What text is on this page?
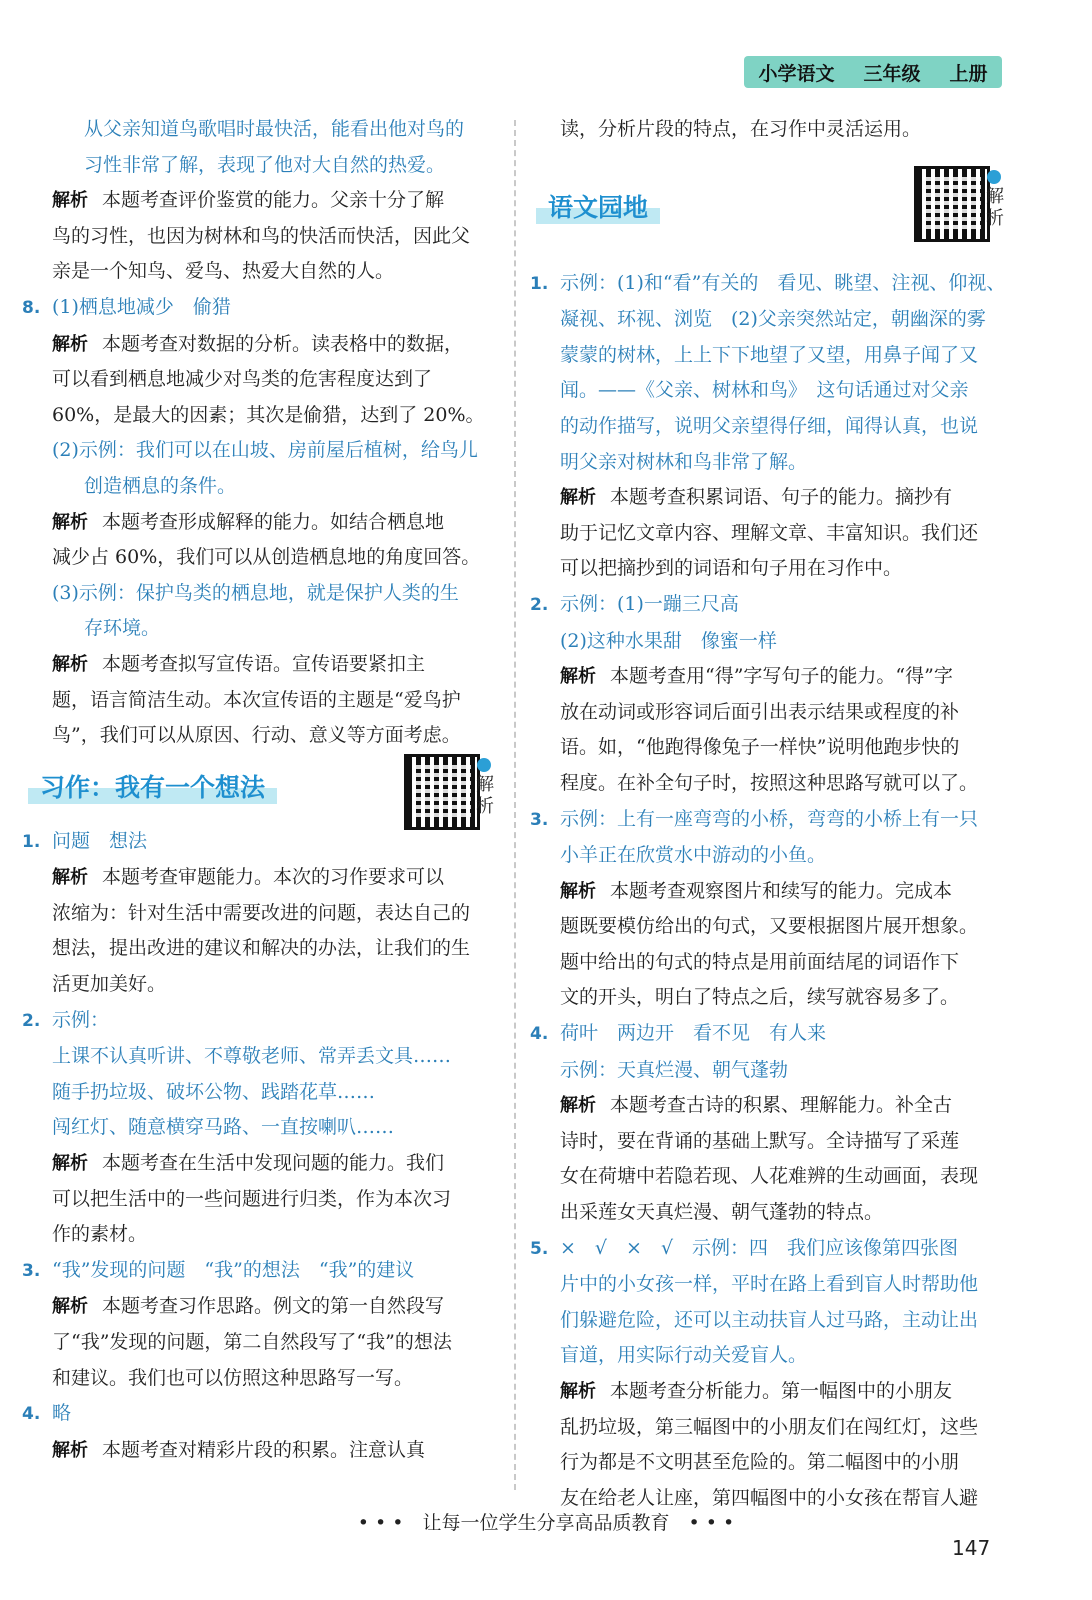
小学语文 三年级 上册
从父亲知道鸟歌唱时最快活，能看出他对鸟的
习性非常了解，表现了他对大自然的热爱。
解析 本题考查评价鉴赏的能力。父亲十分了解
鸟的习性，也因为树林和鸟的快活而快活，因此父
亲是一个知鸟、爱鸟、热爱大自然的人。
8. (1)栖息地减少　偷猎
解析 本题考查对数据的分析。读表格中的数据，
可以看到栖息地减少对鸟类的危害程度达到了
60%，是最大的因素；其次是偷猎，达到了 20%。
(2)示例：我们可以在山坡、房前屋后植树，给鸟儿
创造栖息的条件。
解析 本题考查形成解释的能力。如结合栖息地
减少占 60%，我们可以从创造栖息地的角度回答。
(3)示例：保护鸟类的栖息地，就是保护人类的生
存环境。
解析 本题考查拟写宣传语。宣传语要紧扣主
题，语言简洁生动。本次宣传语的主题是“爱鸟护
鸟”，我们可以从原因、行动、意义等方面考虑。
习作：我有一个想法	解析
1. 问题　想法
解析 本题考查审题能力。本次的习作要求可以
浓缩为：针对生活中需要改进的问题，表达自己的
想法，提出改进的建议和解决的办法，让我们的生
活更加美好。
2. 示例：
上课不认真听讲、不尊敬老师、常弄丢文具……
随手扔垃圾、破坏公物、践踏花草……
闯红灯、随意横穿马路、一直按喇叭……
解析 本题考查在生活中发现问题的能力。我们
可以把生活中的一些问题进行归类，作为本次习
作的素材。
3. “我”发现的问题　“我”的想法　“我”的建议
解析 本题考查习作思路。例文的第一自然段写
了“我”发现的问题，第二自然段写了“我”的想法
和建议。我们也可以仿照这种思路写一写。
4. 略
解析 本题考查对精彩片段的积累。注意认真
读，分析片段的特点，在习作中灵活运用。
语文园地	解析
1. 示例：(1)和“看”有关的　看见、眺望、注视、仰视、
凝视、环视、浏览　(2)父亲突然站定，朝幽深的雾
蒙蒙的树林，上上下下地望了又望，用鼻子闻了又
闻。——《父亲、树林和鸟》　这句话通过对父亲
的动作描写，说明父亲望得仔细，闻得认真，也说
明父亲对树林和鸟非常了解。
解析 本题考查积累词语、句子的能力。摘抄有
助于记忆文章内容、理解文章、丰富知识。我们还
可以把摘抄到的词语和句子用在习作中。
2. 示例：(1)一蹦三尺高
(2)这种水果甜　像蜜一样
解析 本题考查用“得”字写句子的能力。“得”字
放在动词或形容词后面引出表示结果或程度的补
语。如，“他跑得像兔子一样快”说明他跑步快的
程度。在补全句子时，按照这种思路写就可以了。
3. 示例：上有一座弯弯的小桥，弯弯的小桥上有一只
小羊正在欣赏水中游动的小鱼。
解析 本题考查观察图片和续写的能力。完成本
题既要模仿给出的句式，又要根据图片展开想象。
题中给出的句式的特点是用前面结尾的词语作下
文的开头，明白了特点之后，续写就容易多了。
4. 荷叶　两边开　看不见　有人来
示例：天真烂漫、朝气蓬勃
解析 本题考查古诗的积累、理解能力。补全古
诗时，要在背诵的基础上默写。全诗描写了采莲
女在荷塘中若隐若现、人花难辨的生动画面，表现
出采莲女天真烂漫、朝气蓬勃的特点。
5. ×　√　×　√　示例：四　我们应该像第四张图
片中的小女孩一样，平时在路上看到盲人时帮助他
们躲避危险，还可以主动扶盲人过马路，主动让出
盲道，用实际行动关爱盲人。
解析 本题考查分析能力。第一幅图中的小朋友
乱扔垃圾，第三幅图中的小朋友们在闯红灯，这些
行为都是不文明甚至危险的。第二幅图中的小朋
友在给老人让座，第四幅图中的小女孩在帮盲人避
• • •　让每一位学生分享高品质教育　• • •
147
